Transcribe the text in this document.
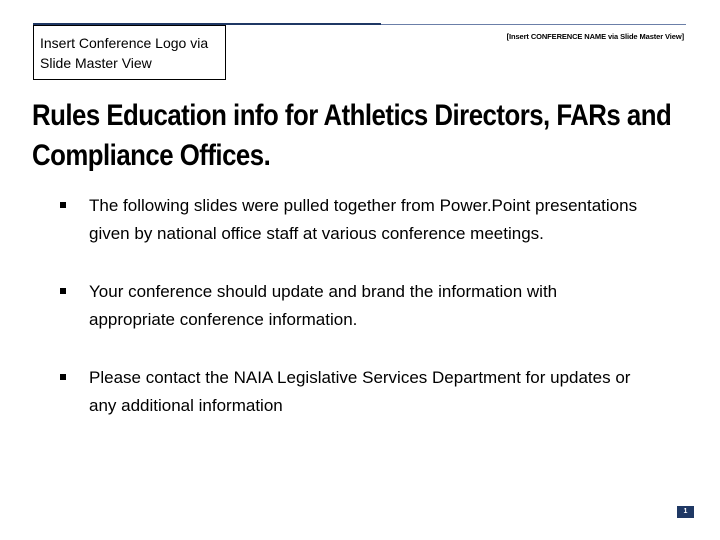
Insert Conference Logo via Slide Master View
[Insert CONFERENCE NAME via Slide Master View]
Rules Education info for Athletics Directors, FARs and Compliance Offices.
The following slides were pulled together from Power.Point presentations given by national office staff at various conference meetings.
Your conference should update and brand the information with appropriate conference information.
Please contact the NAIA Legislative Services Department for updates or any additional information
1
